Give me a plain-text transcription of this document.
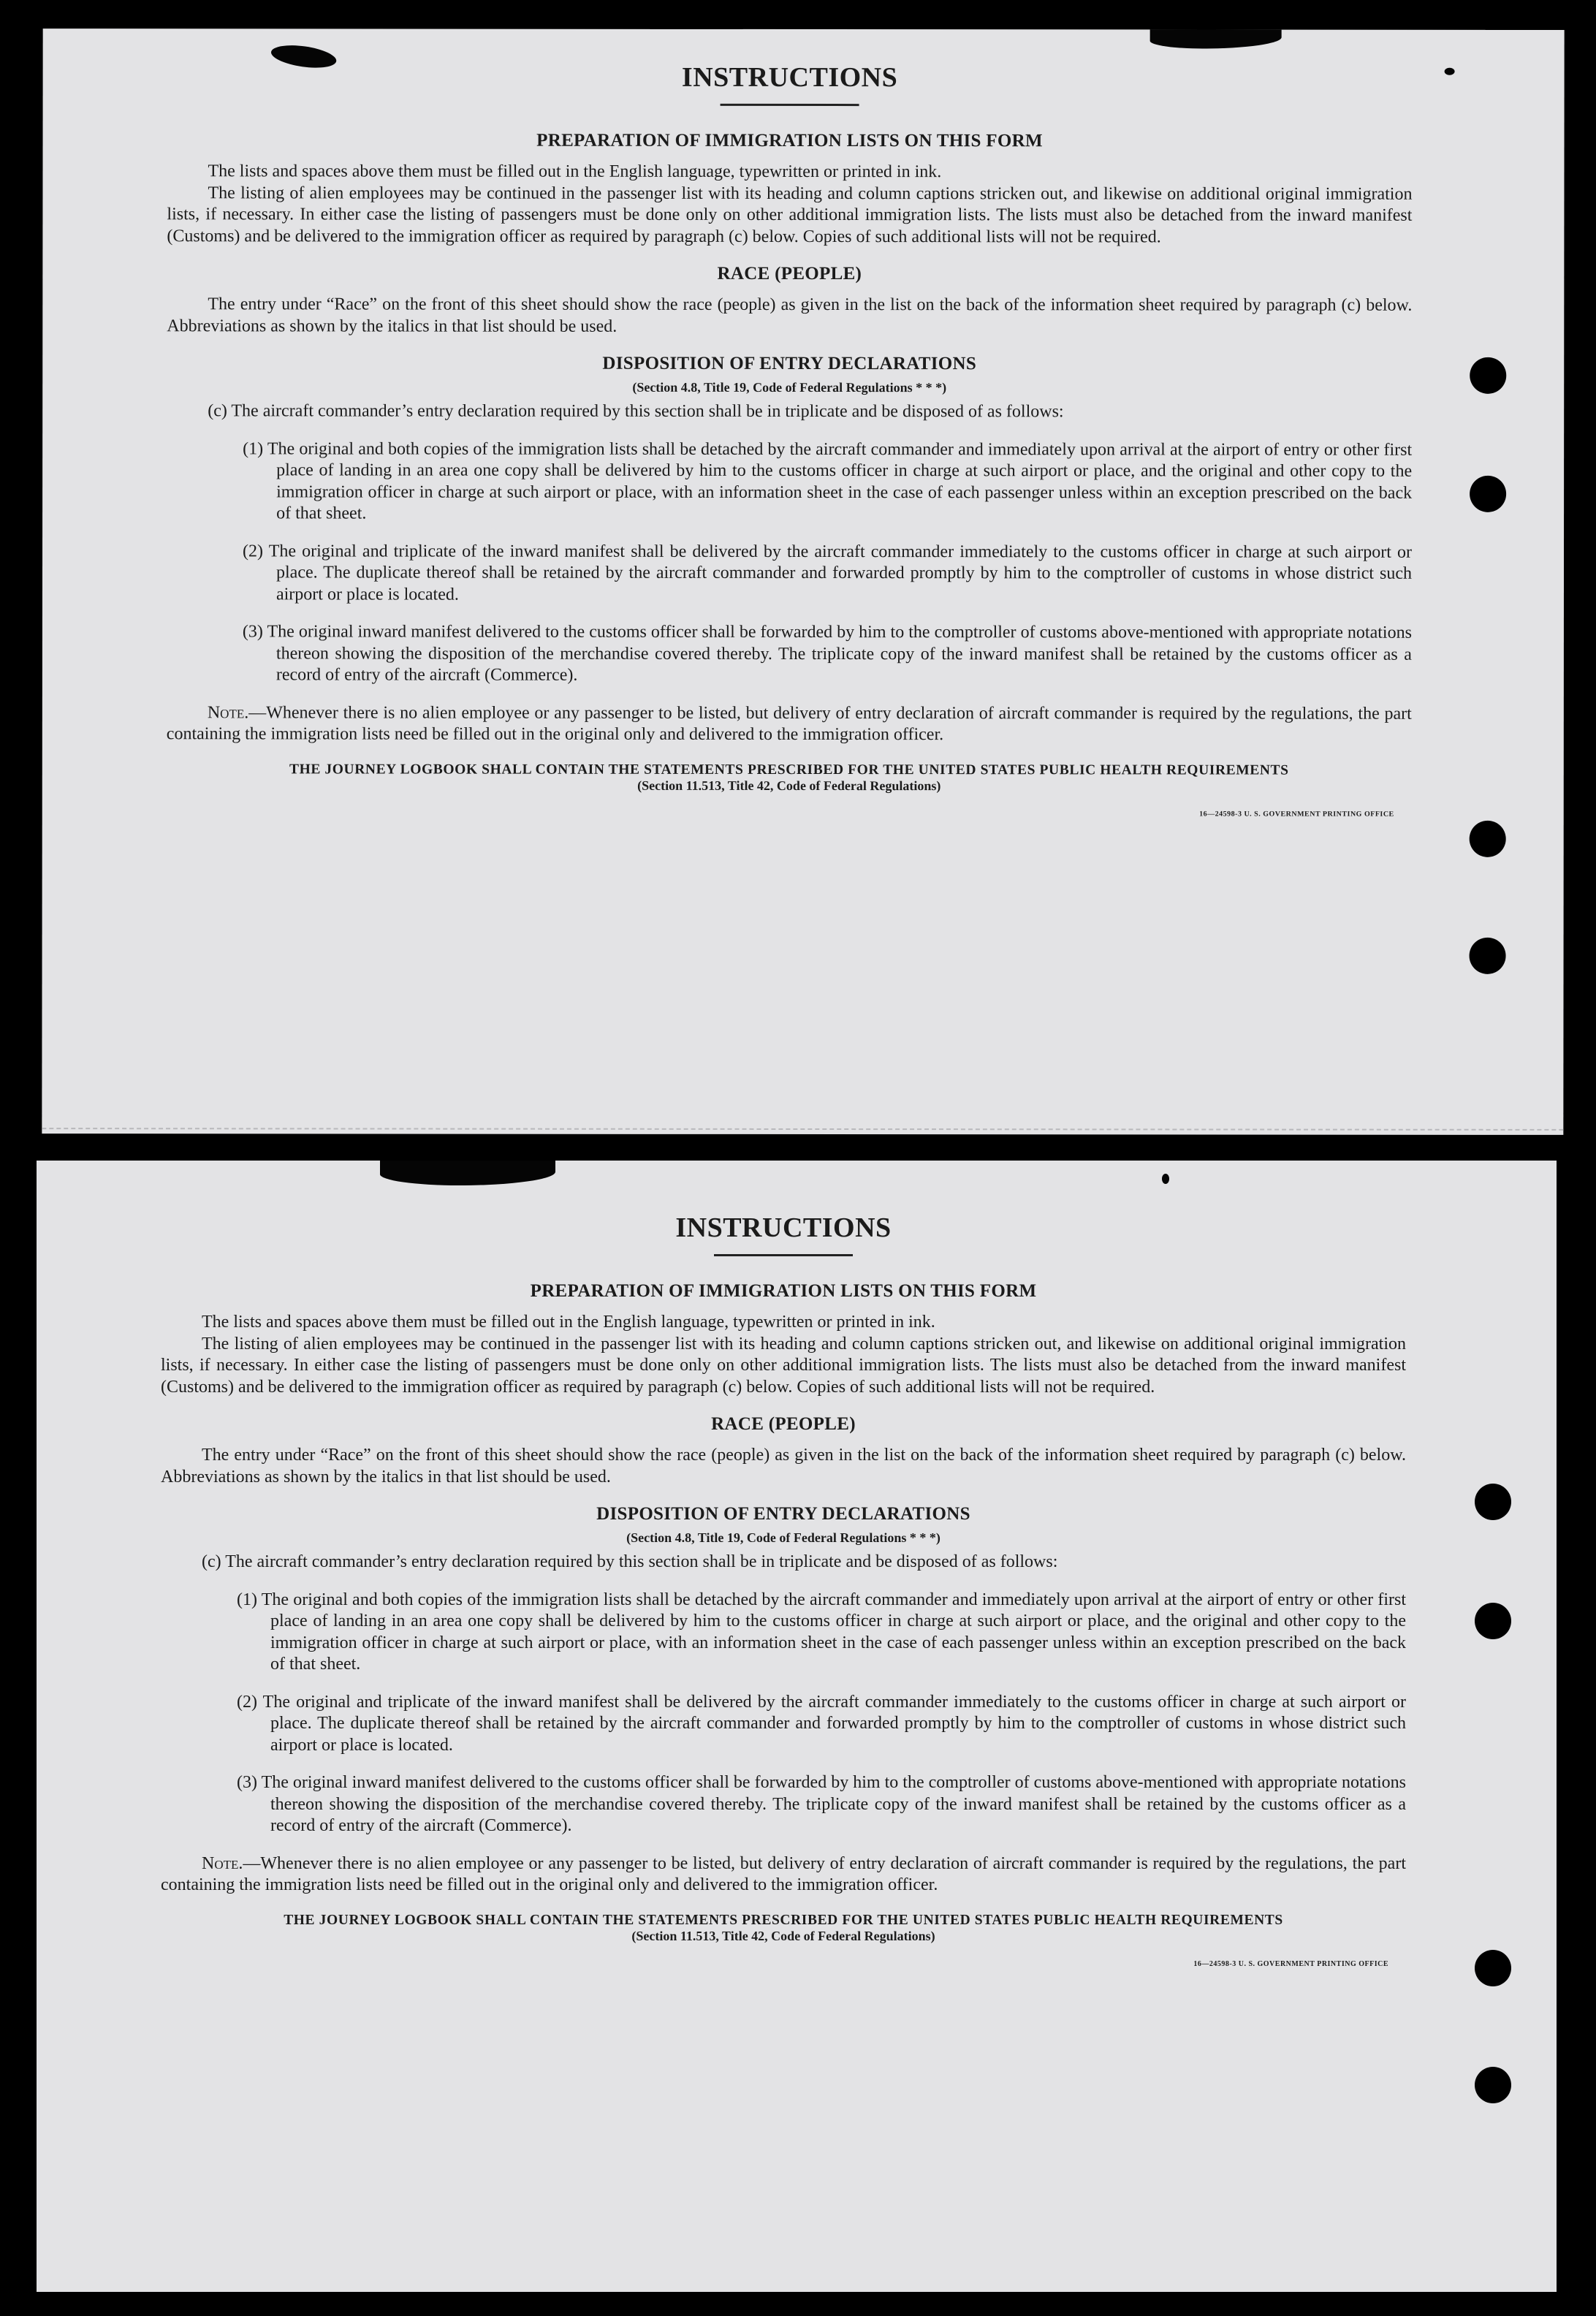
INSTRUCTIONS
PREPARATION OF IMMIGRATION LISTS ON THIS FORM

The lists and spaces above them must be filled out in the English language, typewritten or printed in ink.

The listing of alien employees may be continued in the passenger list with its heading and column captions stricken out, and likewise on additional original immigration lists, if necessary. In either case the listing of passengers must be done only on other additional immigration lists. The lists must also be detached from the inward manifest (Customs) and be delivered to the immigration officer as required by paragraph (c) below. Copies of such additional lists will not be required.

RACE (PEOPLE)

The entry under “Race” on the front of this sheet should show the race (people) as given in the list on the back of the information sheet required by paragraph (c) below. Abbreviations as shown by the italics in that list should be used.

DISPOSITION OF ENTRY DECLARATIONS

(Section 4.8, Title 19, Code of Federal Regulations * * *)

(c) The aircraft commander’s entry declaration required by this section shall be in triplicate and be disposed of as follows:

(1) The original and both copies of the immigration lists shall be detached by the aircraft commander and immediately upon arrival at the airport of entry or other first place of landing in an area one copy shall be delivered by him to the customs officer in charge at such airport or place, and the original and other copy to the immigration officer in charge at such airport or place, with an information sheet in the case of each passenger unless within an exception prescribed on the back of that sheet.

(2) The original and triplicate of the inward manifest shall be delivered by the aircraft commander immediately to the customs officer in charge at such airport or place. The duplicate thereof shall be retained by the aircraft commander and forwarded promptly by him to the comptroller of customs in whose district such airport or place is located.

(3) The original inward manifest delivered to the customs officer shall be forwarded by him to the comptroller of customs above-mentioned with appropriate notations thereon showing the disposition of the merchandise covered thereby. The triplicate copy of the inward manifest shall be retained by the customs officer as a record of entry of the aircraft (Commerce).

Note.—Whenever there is no alien employee or any passenger to be listed, but delivery of entry declaration of aircraft commander is required by the regulations, the part containing the immigration lists need be filled out in the original only and delivered to the immigration officer.

THE JOURNEY LOGBOOK SHALL CONTAIN THE STATEMENTS PRESCRIBED FOR THE UNITED STATES PUBLIC HEALTH REQUIREMENTS

(Section 11.513, Title 42, Code of Federal Regulations)

16—24598-3 U. S. GOVERNMENT PRINTING OFFICE

INSTRUCTIONS
PREPARATION OF IMMIGRATION LISTS ON THIS FORM

The lists and spaces above them must be filled out in the English language, typewritten or printed in ink.

The listing of alien employees may be continued in the passenger list with its heading and column captions stricken out, and likewise on additional original immigration lists, if necessary. In either case the listing of passengers must be done only on other additional immigration lists. The lists must also be detached from the inward manifest (Customs) and be delivered to the immigration officer as required by paragraph (c) below. Copies of such additional lists will not be required.

RACE (PEOPLE)

The entry under “Race” on the front of this sheet should show the race (people) as given in the list on the back of the information sheet required by paragraph (c) below. Abbreviations as shown by the italics in that list should be used.

DISPOSITION OF ENTRY DECLARATIONS

(Section 4.8, Title 19, Code of Federal Regulations * * *)

(c) The aircraft commander’s entry declaration required by this section shall be in triplicate and be disposed of as follows:

(1) The original and both copies of the immigration lists shall be detached by the aircraft commander and immediately upon arrival at the airport of entry or other first place of landing in an area one copy shall be delivered by him to the customs officer in charge at such airport or place, and the original and other copy to the immigration officer in charge at such airport or place, with an information sheet in the case of each passenger unless within an exception prescribed on the back of that sheet.

(2) The original and triplicate of the inward manifest shall be delivered by the aircraft commander immediately to the customs officer in charge at such airport or place. The duplicate thereof shall be retained by the aircraft commander and forwarded promptly by him to the comptroller of customs in whose district such airport or place is located.

(3) The original inward manifest delivered to the customs officer shall be forwarded by him to the comptroller of customs above-mentioned with appropriate notations thereon showing the disposition of the merchandise covered thereby. The triplicate copy of the inward manifest shall be retained by the customs officer as a record of entry of the aircraft (Commerce).

Note.—Whenever there is no alien employee or any passenger to be listed, but delivery of entry declaration of aircraft commander is required by the regulations, the part containing the immigration lists need be filled out in the original only and delivered to the immigration officer.

THE JOURNEY LOGBOOK SHALL CONTAIN THE STATEMENTS PRESCRIBED FOR THE UNITED STATES PUBLIC HEALTH REQUIREMENTS

(Section 11.513, Title 42, Code of Federal Regulations)

16—24598-3 U. S. GOVERNMENT PRINTING OFFICE
